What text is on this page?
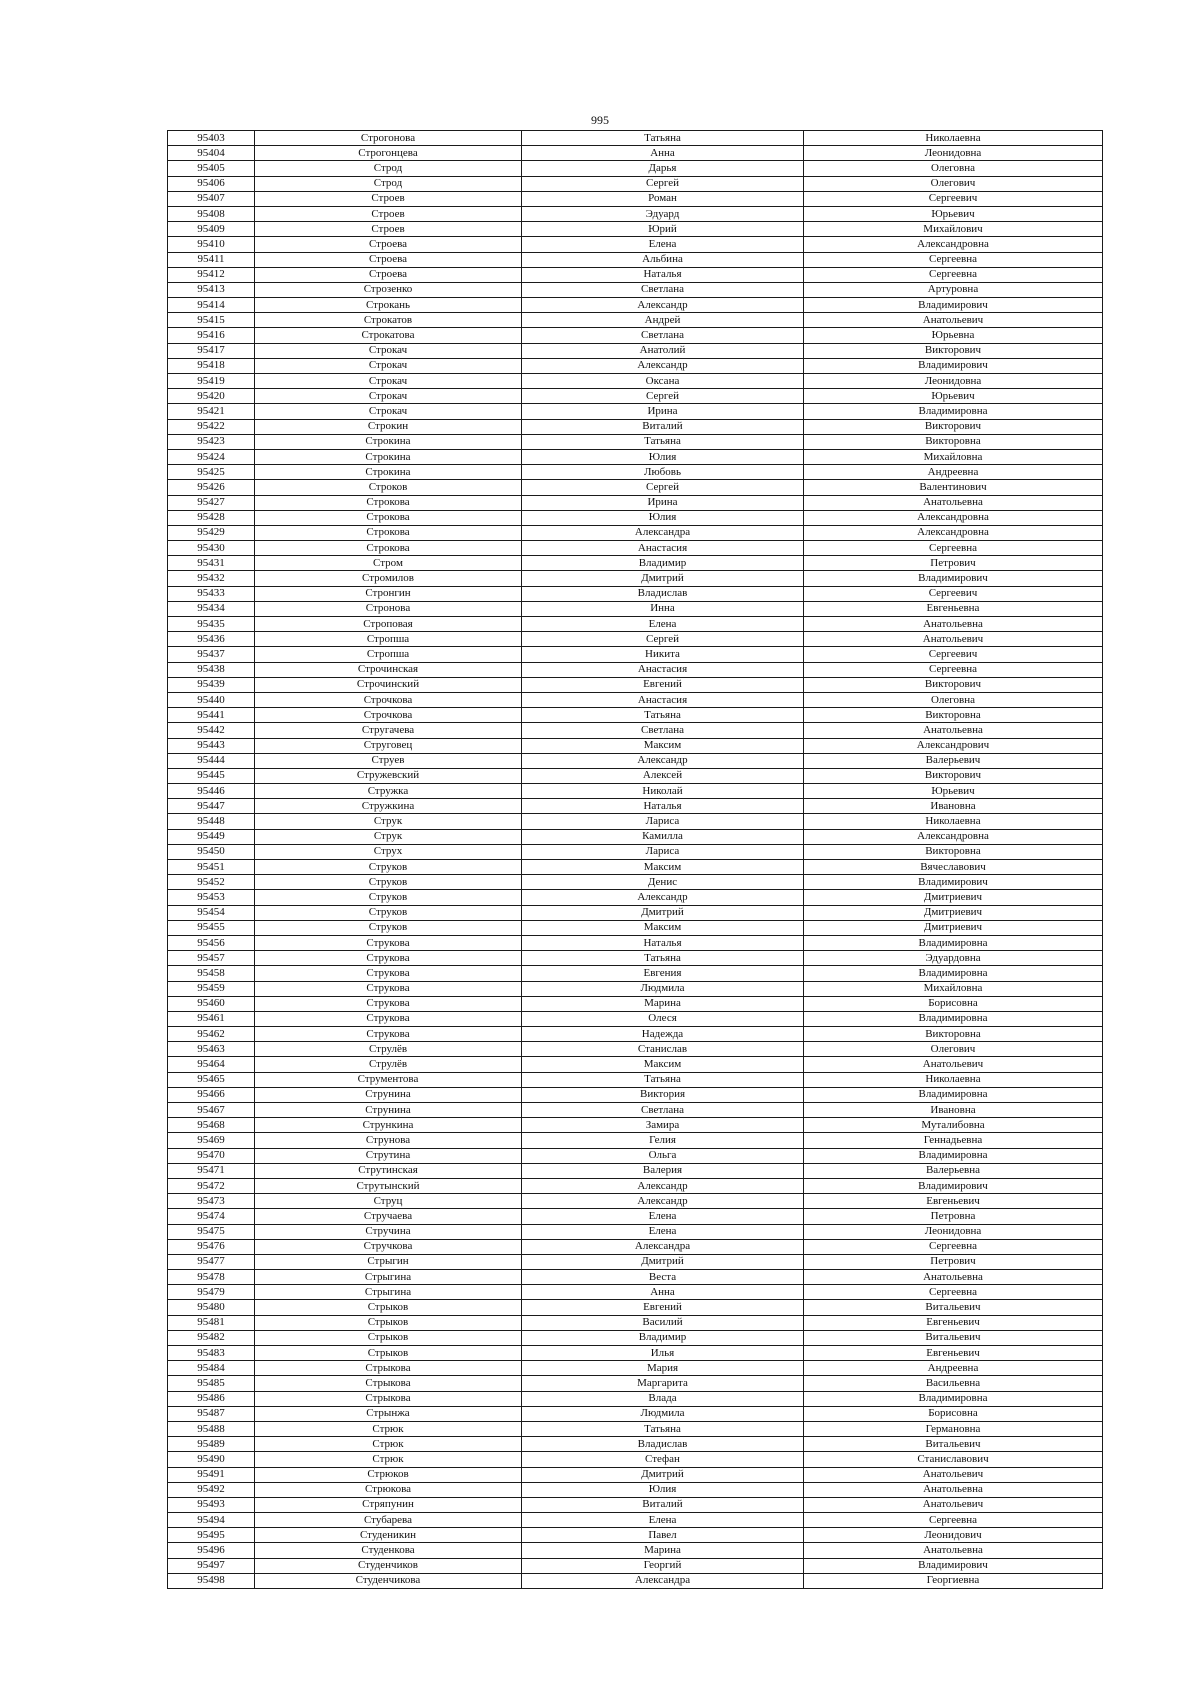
995
95403	Строгонова	Татьяна	Николаевна
95404	Строгонцева	Анна	Леонидовна
95405	Строд	Дарья	Олеговна
95406	Строд	Сергей	Олегович
95407	Строев	Роман	Сергеевич
95408	Строев	Эдуард	Юрьевич
95409	Строев	Юрий	Михайлович
95410	Строева	Елена	Александровна
95411	Строева	Альбина	Сергеевна
95412	Строева	Наталья	Сергеевна
95413	Строзенко	Светлана	Артуровна
95414	Строкань	Александр	Владимирович
95415	Строкатов	Андрей	Анатольевич
95416	Строкатова	Светлана	Юрьевна
95417	Строкач	Анатолий	Викторович
95418	Строкач	Александр	Владимирович
95419	Строкач	Оксана	Леонидовна
95420	Строкач	Сергей	Юрьевич
95421	Строкач	Ирина	Владимировна
95422	Строкин	Виталий	Викторович
95423	Строкина	Татьяна	Викторовна
95424	Строкина	Юлия	Михайловна
95425	Строкина	Любовь	Андреевна
95426	Строков	Сергей	Валентинович
95427	Строкова	Ирина	Анатольевна
95428	Строкова	Юлия	Александровна
95429	Строкова	Александра	Александровна
95430	Строкова	Анастасия	Сергеевна
95431	Стром	Владимир	Петрович
95432	Стромилов	Дмитрий	Владимирович
95433	Стронгин	Владислав	Сергеевич
95434	Стронова	Инна	Евгеньевна
95435	Строповая	Елена	Анатольевна
95436	Стропша	Сергей	Анатольевич
95437	Стропша	Никита	Сергеевич
95438	Строчинская	Анастасия	Сергеевна
95439	Строчинский	Евгений	Викторович
95440	Строчкова	Анастасия	Олеговна
95441	Строчкова	Татьяна	Викторовна
95442	Стругачева	Светлана	Анатольевна
95443	Струговец	Максим	Александрович
95444	Струев	Александр	Валерьевич
95445	Стружевский	Алексей	Викторович
95446	Стружка	Николай	Юрьевич
95447	Стружкина	Наталья	Ивановна
95448	Струк	Лариса	Николаевна
95449	Струк	Камилла	Александровна
95450	Струх	Лариса	Викторовна
95451	Струков	Максим	Вячеславович
95452	Струков	Денис	Владимирович
95453	Струков	Александр	Дмитриевич
95454	Струков	Дмитрий	Дмитриевич
95455	Струков	Максим	Дмитриевич
95456	Струкова	Наталья	Владимировна
95457	Струкова	Татьяна	Эдуардовна
95458	Струкова	Евгения	Владимировна
95459	Струкова	Людмила	Михайловна
95460	Струкова	Марина	Борисовна
95461	Струкова	Олеся	Владимировна
95462	Струкова	Надежда	Викторовна
95463	Струлёв	Станислав	Олегович
95464	Струлёв	Максим	Анатольевич
95465	Струментова	Татьяна	Николаевна
95466	Струнина	Виктория	Владимировна
95467	Струнина	Светлана	Ивановна
95468	Стрункина	Замира	Муталибовна
95469	Струнова	Гелия	Геннадьевна
95470	Струтина	Ольга	Владимировна
95471	Струтинская	Валерия	Валерьевна
95472	Струтынский	Александр	Владимирович
95473	Струц	Александр	Евгеньевич
95474	Стручаева	Елена	Петровна
95475	Стручина	Елена	Леонидовна
95476	Стручкова	Александра	Сергеевна
95477	Стрыгин	Дмитрий	Петрович
95478	Стрыгина	Веста	Анатольевна
95479	Стрыгина	Анна	Сергеевна
95480	Стрыков	Евгений	Витальевич
95481	Стрыков	Василий	Евгеньевич
95482	Стрыков	Владимир	Витальевич
95483	Стрыков	Илья	Евгеньевич
95484	Стрыкова	Мария	Андреевна
95485	Стрыкова	Маргарита	Васильевна
95486	Стрыкова	Влада	Владимировна
95487	Стрынжа	Людмила	Борисовна
95488	Стрюк	Татьяна	Германовна
95489	Стрюк	Владислав	Витальевич
95490	Стрюк	Стефан	Станиславович
95491	Стрюков	Дмитрий	Анатольевич
95492	Стрюкова	Юлия	Анатольевна
95493	Стряпунин	Виталий	Анатольевич
95494	Стубарева	Елена	Сергеевна
95495	Студеникин	Павел	Леонидович
95496	Студенкова	Марина	Анатольевна
95497	Студенчиков	Георгий	Владимирович
95498	Студенчикова	Александра	Георгиевна
